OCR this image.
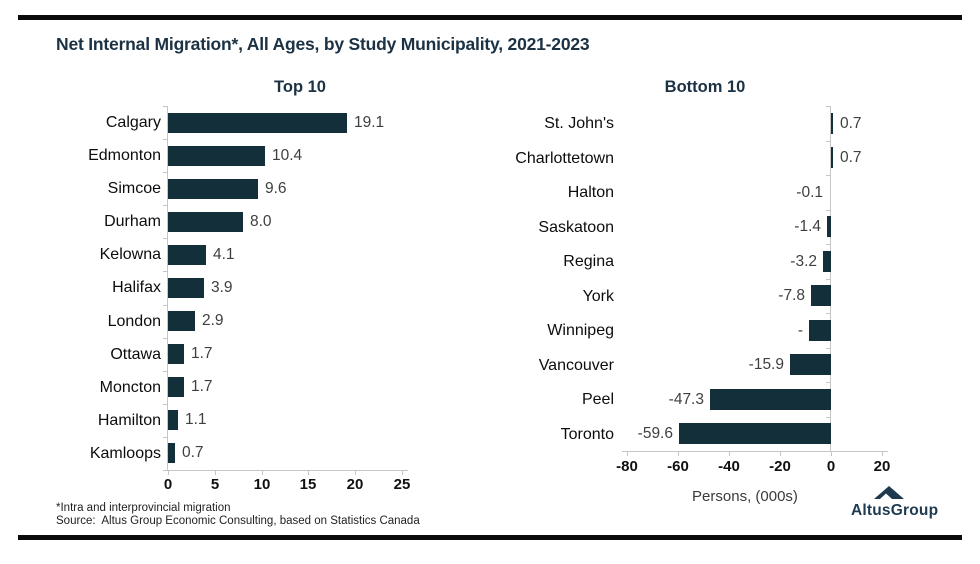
Net Internal Migration*, All Ages, by Study Municipality, 2021-2023
Top 10	Bottom 10
0	5	10	15	20	25
Calgary	19.1
Edmonton	10.4
Simcoe	9.6
Durham	8.0
Kelowna	4.1
Halifax	3.9
London	2.9
Ottawa 1.7
Moncton 1.7
Hamilton 1.1
Kamloops 0.7
-80	-60	-40	-20	0	20
St. John's	0.7
Charlottetown	0.7
Halton	-0.1
Saskatoon	-1.4
Regina	-3.2
York	-7.8
Winnipeg	-
Vancouver	-15.9
Peel	-47.3
Toronto	-59.6
Persons, (000s)
*Intra and interprovincial migration
Source:  Altus Group Economic Consulting, based on Statistics Canada
AltusGroup
